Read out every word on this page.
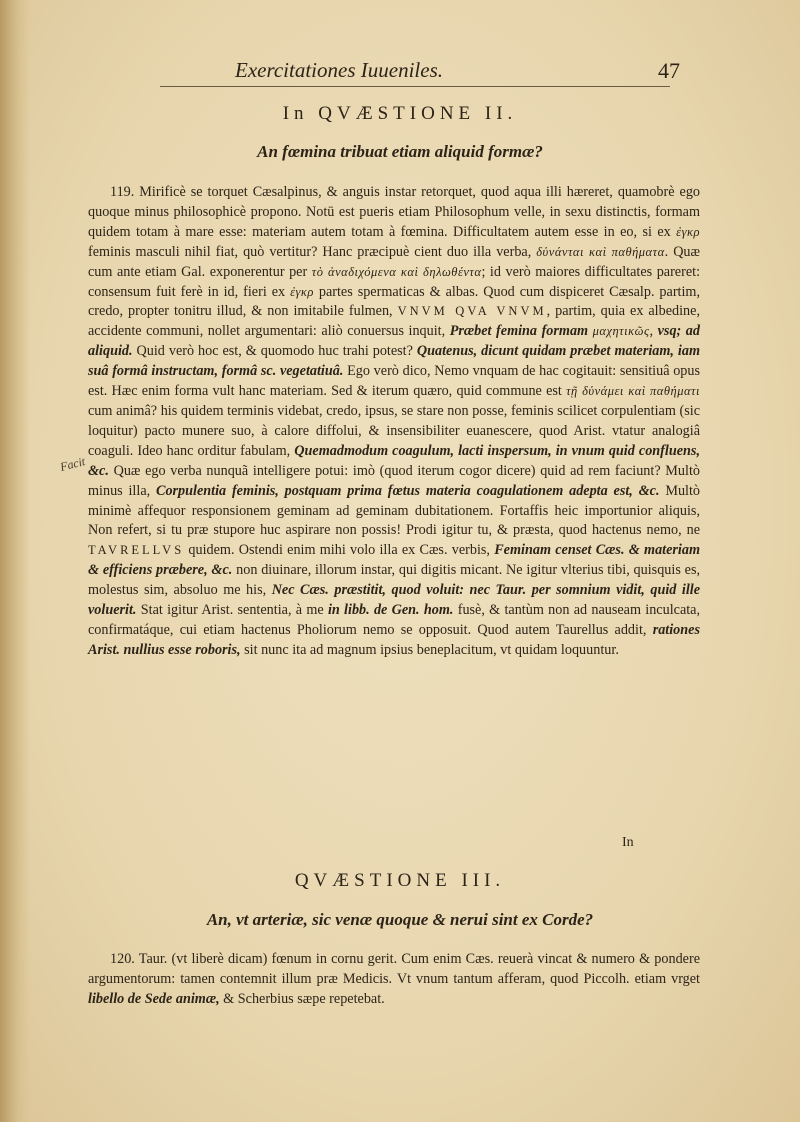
Exercitationes Iuueniles.	47
In QVÆSTIONE II.
An fœmina tribuat etiam aliquid formæ?

119. Mirificè se torquet Cæsalpinus, & anguis instar retorquet, quod aqua illi hæreret, quamobrè ego quoque minus philosophicè propono. Notū est pueris etiam Philosophum velle, in sexu distinctis, formam quidem totam à mare esse: materiam autem totam à fœmina. Difficultatem autem esse in eo, si ex ἐγκρ feminis masculi nihil fiat, quò vertitur? Hanc præcipuè cient duo illa verba, δὑνάνται καὶ παθήματα. Quæ cum ante etiam Gal. exponerentur per τὸ ἀναδιχόμενα καὶ δηλωθέντα; id verò maiores difficultates pareret: consensum fuit ferè in id, fieri ex ἐγκρ partes spermaticas & albas. Quod cum dispiceret Cæsalp. partim, credo, propter tonitru illud, & non imitabile fulmen, VNVM QVA VNVM, partim, quia ex albedine, accidente communi, nollet argumentari: aliò conuersus inquit, Præbet femina formam μαχητικῶς, vsq; ad aliquid. Quid verò hoc est, & quomodo huc trahi potest? Quatenus, dicunt quidam præbet materiam, iam suâ formâ instructam, formâ sc. vegetatiuâ. Ego verò dico, Nemo vnquam de hac cogitauit: sensitiuâ opus est. Hæc enim forma vult hanc materiam. Sed & iterum quæro, quid commune est τῇ δὑνάμει καὶ παθήματι cum animâ? his quidem terminis videbat, credo, ipsus, se stare non posse, feminis scilicet corpulentiam (sic loquitur) pacto munere suo, à calore diffolui, & insensibiliter euanescere, quod Arist. vtatur analogiâ coaguli. Ideo hanc orditur fabulam, Quemadmodum coagulum, lacti inspersum, in vnum quid confluens, &c. Quæ ego verba nunquã intelligere potui: imò (quod iterum cogor dicere) quid ad rem faciunt? Multò minus illa, Corpulentia feminis, postquam prima fœtus materia coagulationem adepta est, &c. Multò minimè affequor responsionem geminam ad geminam dubitationem. Fortaffis heic importunior aliquis, Non refert, si tu præ stupore huc aspirare non possis! Prodi igitur tu, & præsta, quod hactenus nemo, ne TAVRELLVS quidem. Ostendi enim mihi volo illa ex Cæs. verbis, Feminam censet Cæs. & materiam & efficiens præbere, &c. non diuinare, illorum instar, qui digitis micant. Ne igitur vlterius tibi, quisquis es, molestus sim, absoluo me his, Nec Cæs. præstitit, quod voluit: nec Taur. per somnium vidit, quid ille voluerit. Stat igitur Arist. sententia, à me in libb. de Gen. hom. fusè, & tantùm non ad nauseam inculcata, confirmatáque, cui etiam hactenus Pholiorum nemo se opposuit. Quod autem Taurellus addit, rationes Arist. nullius esse roboris, sit nunc ita ad magnum ipsius beneplacitum, vt quidam loquuntur.

In
QVÆSTIONE III.
An, vt arteriæ, sic venæ quoque & nerui sint ex Corde?

120. Taur. (vt liberè dicam) fœnum in cornu gerit. Cum enim Cæs. reuerà vincat & numero & pondere argumentorum: tamen contemnit illum præ Medicis. Vt vnum tantum afferam, quod Piccolh. etiam vrget libello de Sede animæ, & Scherbius sæpe repetebat.

Facit
